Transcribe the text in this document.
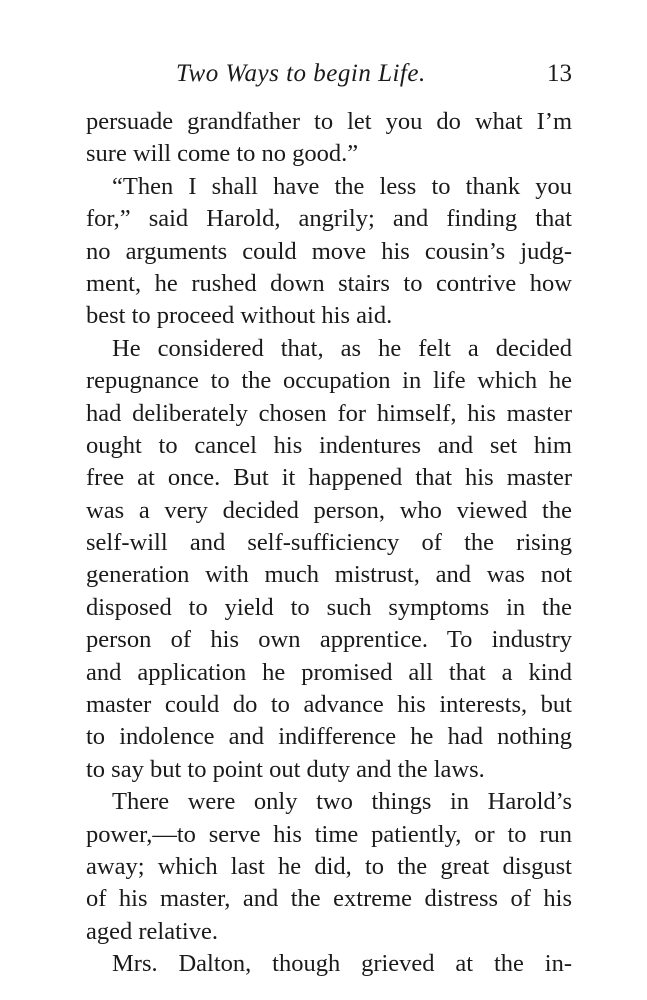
Two Ways to begin Life.	13
persuade grandfather to let you do what I’m
sure will come to no good.”
“Then I shall have the less to thank you
for,” said Harold, angrily; and finding that
no arguments could move his cousin’s judg-
ment, he rushed down stairs to contrive how
best to proceed without his aid.
He considered that, as he felt a decided
repugnance to the occupation in life which he
had deliberately chosen for himself, his master
ought to cancel his indentures and set him
free at once. But it happened that his master
was a very decided person, who viewed the
self-will and self-sufficiency of the rising
generation with much mistrust, and was not
disposed to yield to such symptoms in the
person of his own apprentice. To industry
and application he promised all that a kind
master could do to advance his interests, but
to indolence and indifference he had nothing
to say but to point out duty and the laws.
There were only two things in Harold’s
power,—to serve his time patiently, or to run
away; which last he did, to the great disgust
of his master, and the extreme distress of his
aged relative.
Mrs. Dalton, though grieved at the in-
